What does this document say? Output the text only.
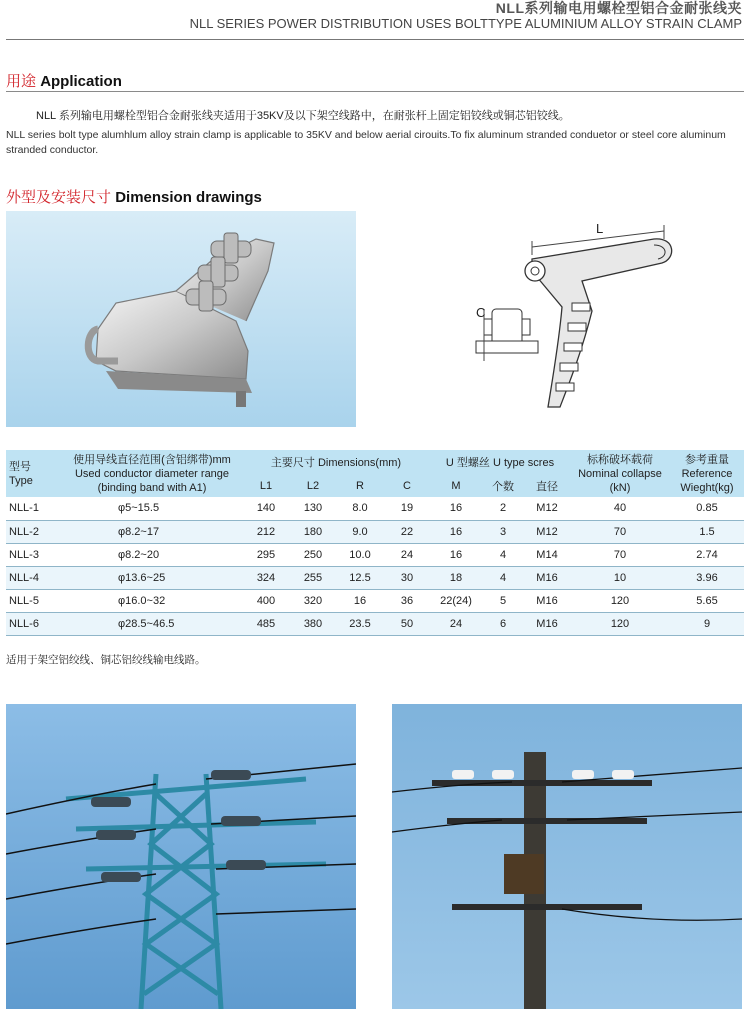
NLL系列输电用螺栓型铝合金耐张线夹
NLL SERIES POWER DISTRIBUTION USES BOLTTYPE ALUMINIUM ALLOY STRAIN CLAMP
用途 Application
NLL 系列输电用螺栓型铝合金耐张线夹适用于35KV及以下架空线路中，在耐张杆上固定铝铰线或铜芯铝铰线。
NLL series bolt type alumhlum alloy strain clamp is applicable to 35KV and below aerial cirouits.To fix aluminum stranded conduetor or steel core aluminum stranded conductor.
外型及安装尺寸 Dimension drawings
L
C
型号
Type	使用导线直径范围(含铝绑带)mm
Used conductor diameter range
(binding band with A1)	主要尺寸 Dimensions(mm)				U 型螺丝 U type scres			标称破坏载荷
Nominal collapse
(kN)	参考重量
Reference
Wieght(kg)
		L1	L2	R	C	M	个数	直径		
NLL-1	φ5~15.5	140	130	8.0	19	16	2	M12	40	0.85
NLL-2	φ8.2~17	212	180	9.0	22	16	3	M12	70	1.5
NLL-3	φ8.2~20	295	250	10.0	24	16	4	M14	70	2.74
NLL-4	φ13.6~25	324	255	12.5	30	18	4	M16	10	3.96
NLL-5	φ16.0~32	400	320	16	36	22(24)	5	M16	120	5.65
NLL-6	φ28.5~46.5	485	380	23.5	50	24	6	M16	120	9
适用于架空铝绞线、铜芯铝绞线输电线路。
